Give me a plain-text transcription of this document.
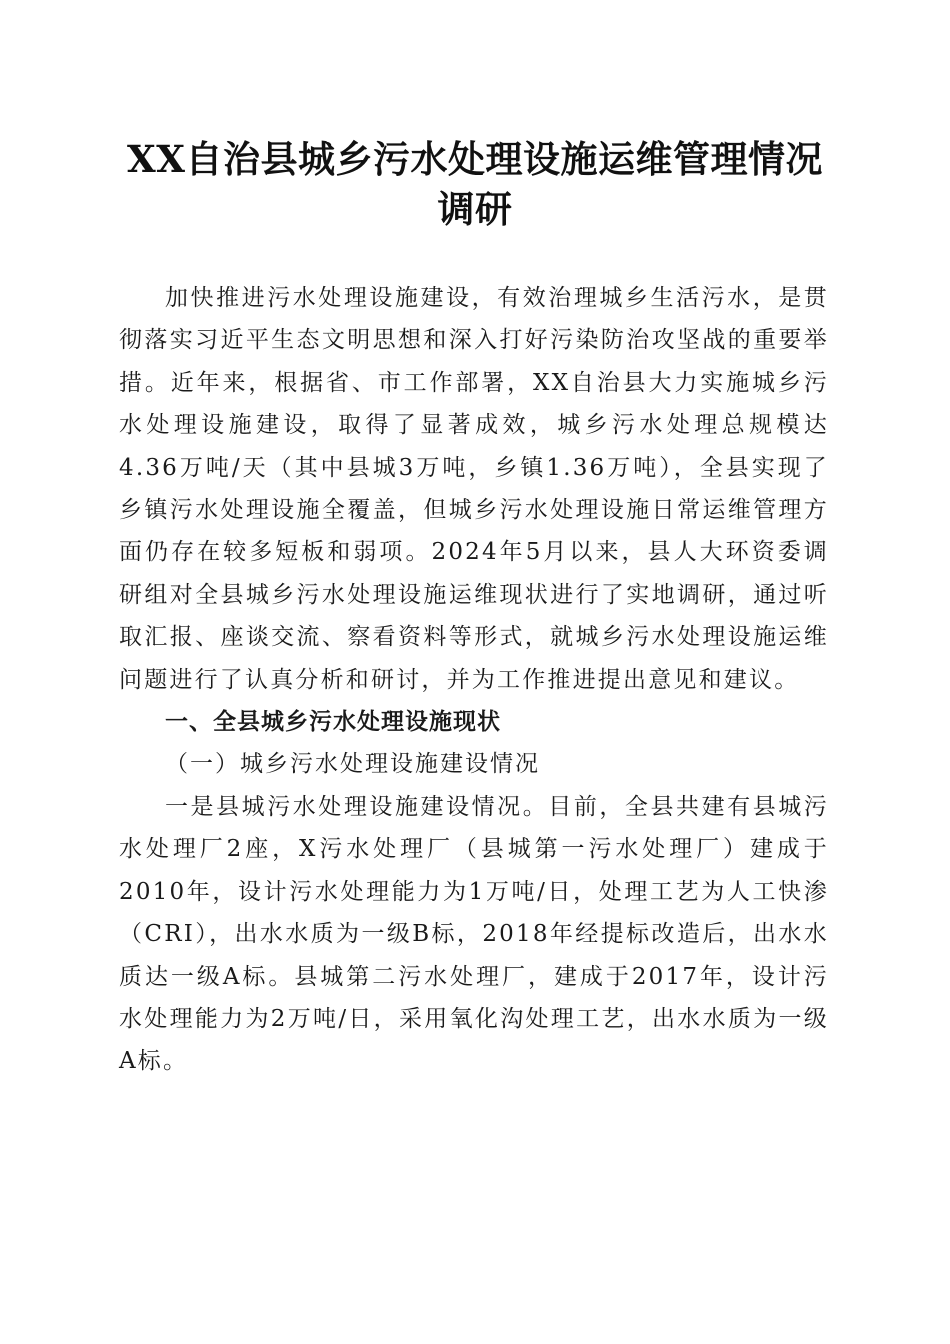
XX自治县城乡污水处理设施运维管理情况调研

加快推进污水处理设施建设，有效治理城乡生活污水，是贯彻落实习近平生态文明思想和深入打好污染防治攻坚战的重要举措。近年来，根据省、市工作部署，XX自治县大力实施城乡污水处理设施建设，取得了显著成效，城乡污水处理总规模达4.36万吨/天（其中县城3万吨，乡镇1.36万吨），全县实现了乡镇污水处理设施全覆盖，但城乡污水处理设施日常运维管理方面仍存在较多短板和弱项。2024年5月以来，县人大环资委调研组对全县城乡污水处理设施运维现状进行了实地调研，通过听取汇报、座谈交流、察看资料等形式，就城乡污水处理设施运维问题进行了认真分析和研讨，并为工作推进提出意见和建议。

一、全县城乡污水处理设施现状

（一）城乡污水处理设施建设情况

一是县城污水处理设施建设情况。目前，全县共建有县城污水处理厂2座，X污水处理厂（县城第一污水处理厂）建成于2010年，设计污水处理能力为1万吨/日，处理工艺为人工快渗（CRI），出水水质为一级B标，2018年经提标改造后，出水水质达一级A标。县城第二污水处理厂，建成于2017年，设计污水处理能力为2万吨/日，采用氧化沟处理工艺，出水水质为一级A标。
